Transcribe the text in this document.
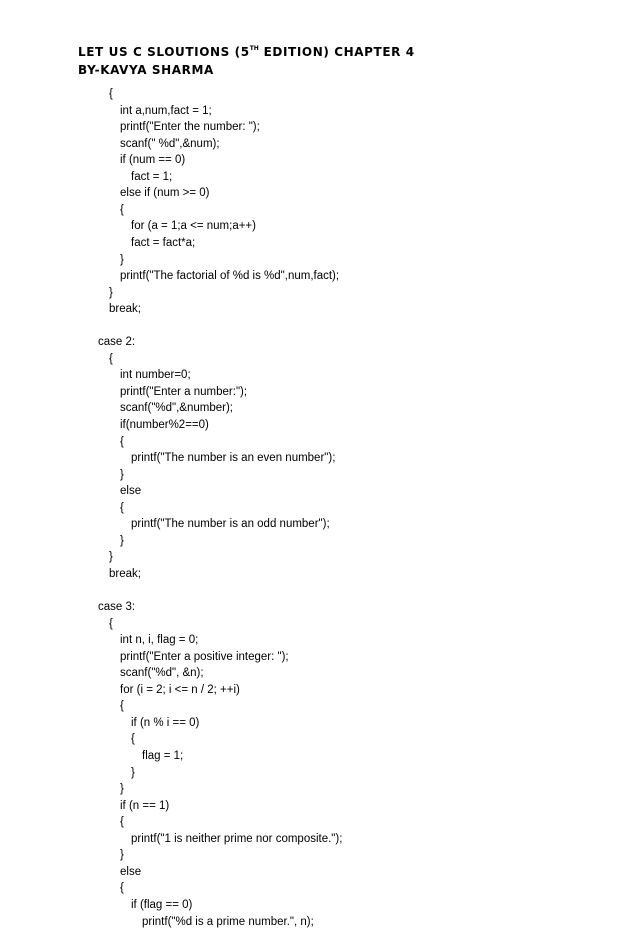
LET US C SLOUTIONS (5TH EDITION) CHAPTER 4
BY-KAVYA SHARMA
{
int a,num,fact = 1;
printf("Enter the number: ");
scanf(" %d",&num);
if (num == 0)
fact = 1;
else if (num >= 0)
{
for (a = 1;a <= num;a++)
fact = fact*a;
}
printf("The factorial of %d is %d",num,fact);
}
break;
case 2:
{
int number=0;
printf("Enter a number:");
scanf("%d",&number);
if(number%2==0)
{
printf("The number is an even number");
}
else
{
printf("The number is an odd number");
}
}
break;
case 3:
{
int n, i, flag = 0;
printf("Enter a positive integer: ");
scanf("%d", &n);
for (i = 2; i <= n / 2; ++i)
{
if (n % i == 0)
{
flag = 1;
}
}
if (n == 1)
{
printf("1 is neither prime nor composite.");
}
else
{
if (flag == 0)
printf("%d is a prime number.", n);
